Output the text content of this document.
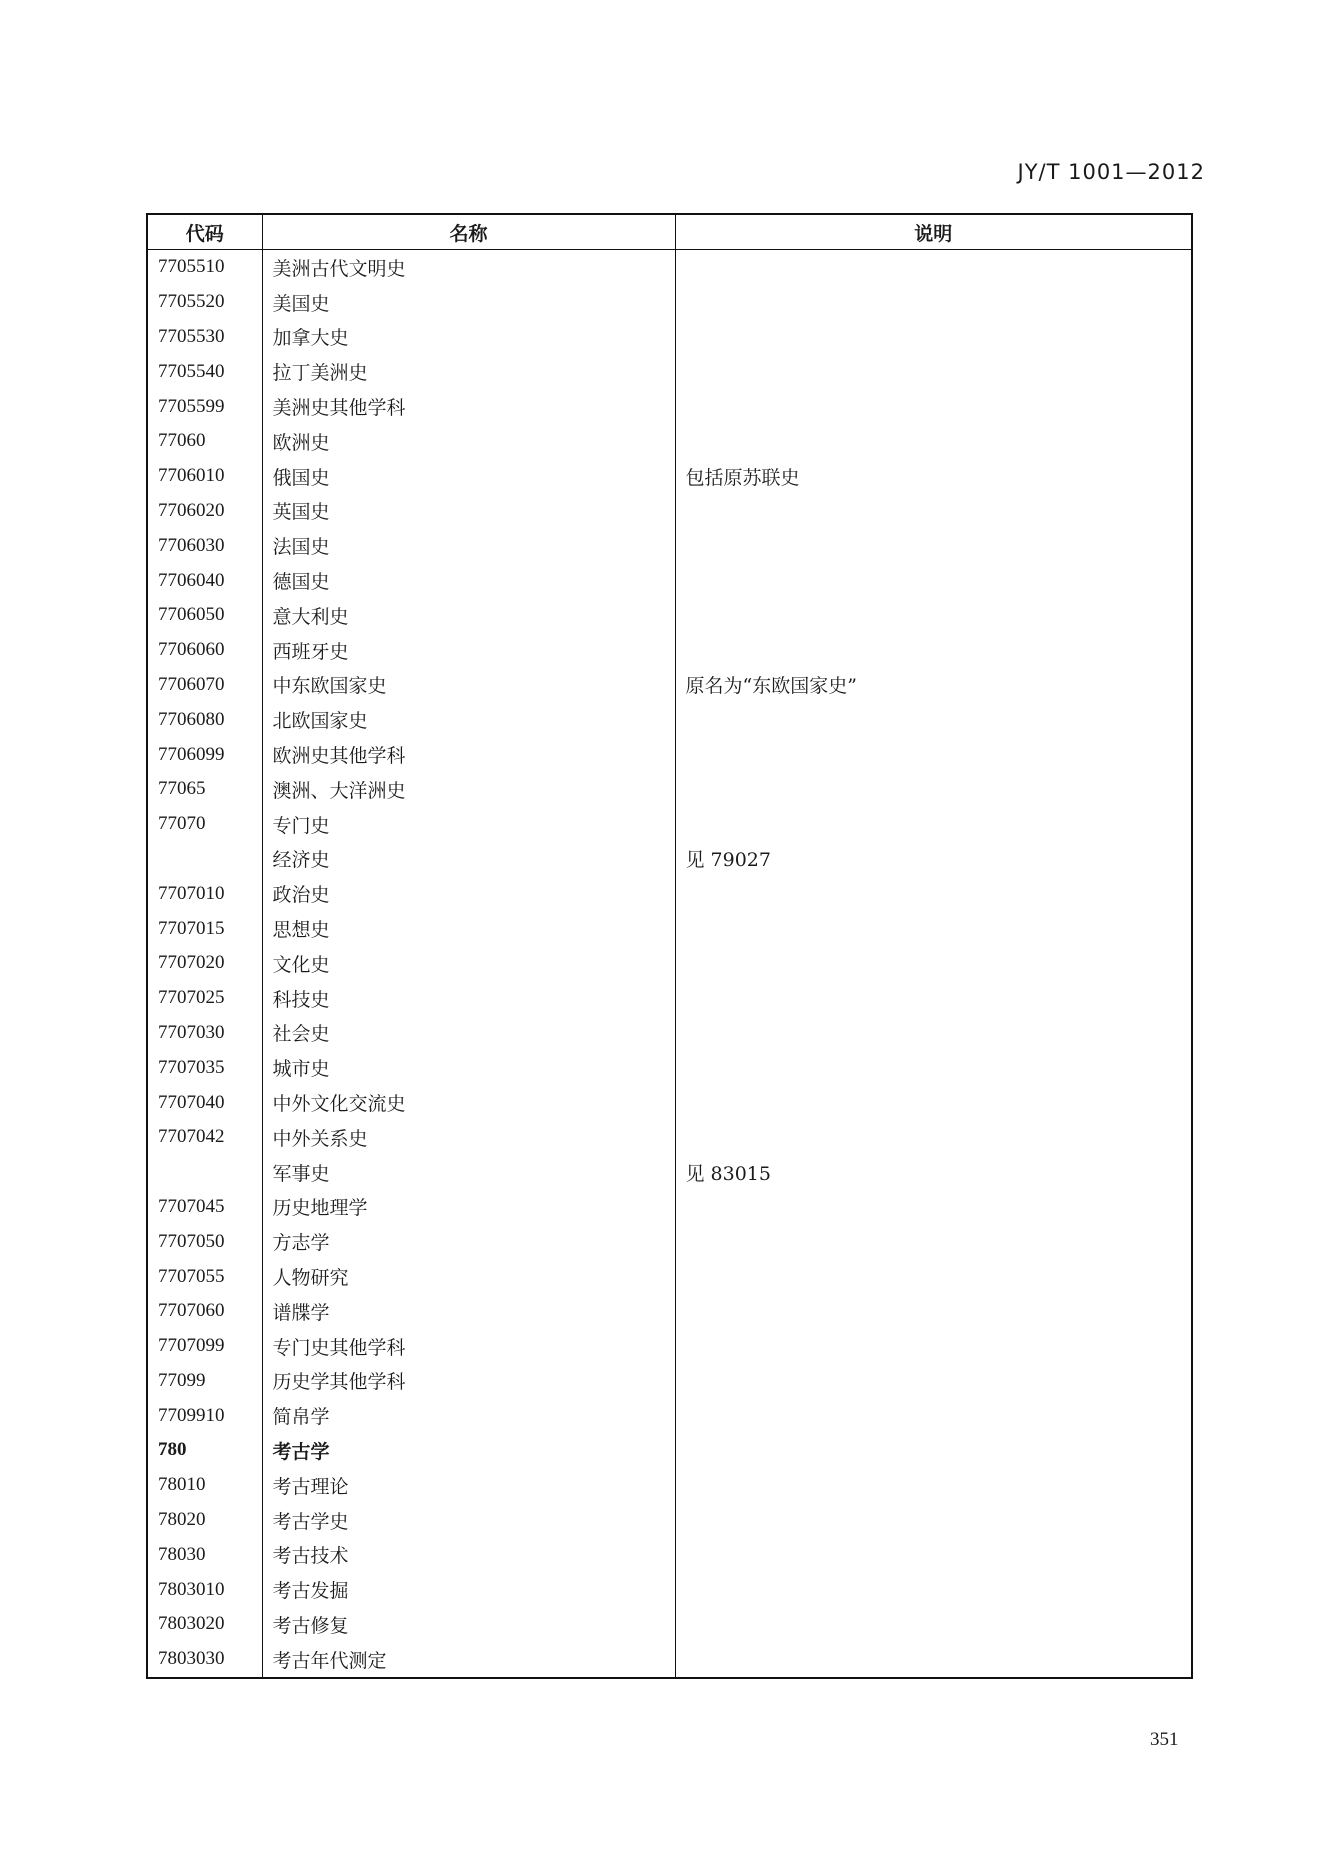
JY/T 1001—2012
代码	名称	说明
7705510	美洲古代文明史	
7705520	美国史	
7705530	加拿大史	
7705540	拉丁美洲史	
7705599	美洲史其他学科	
77060	欧洲史	
7706010	俄国史	包括原苏联史
7706020	英国史	
7706030	法国史	
7706040	德国史	
7706050	意大利史	
7706060	西班牙史	
7706070	中东欧国家史	原名为“东欧国家史”
7706080	北欧国家史	
7706099	欧洲史其他学科	
77065	澳洲、大洋洲史	
77070	专门史	
	经济史	见 79027
7707010	政治史	
7707015	思想史	
7707020	文化史	
7707025	科技史	
7707030	社会史	
7707035	城市史	
7707040	中外文化交流史	
7707042	中外关系史	
	军事史	见 83015
7707045	历史地理学	
7707050	方志学	
7707055	人物研究	
7707060	谱牒学	
7707099	专门史其他学科	
77099	历史学其他学科	
7709910	简帛学	
780	考古学	
78010	考古理论	
78020	考古学史	
78030	考古技术	
7803010	考古发掘	
7803020	考古修复	
7803030	考古年代测定	
351
